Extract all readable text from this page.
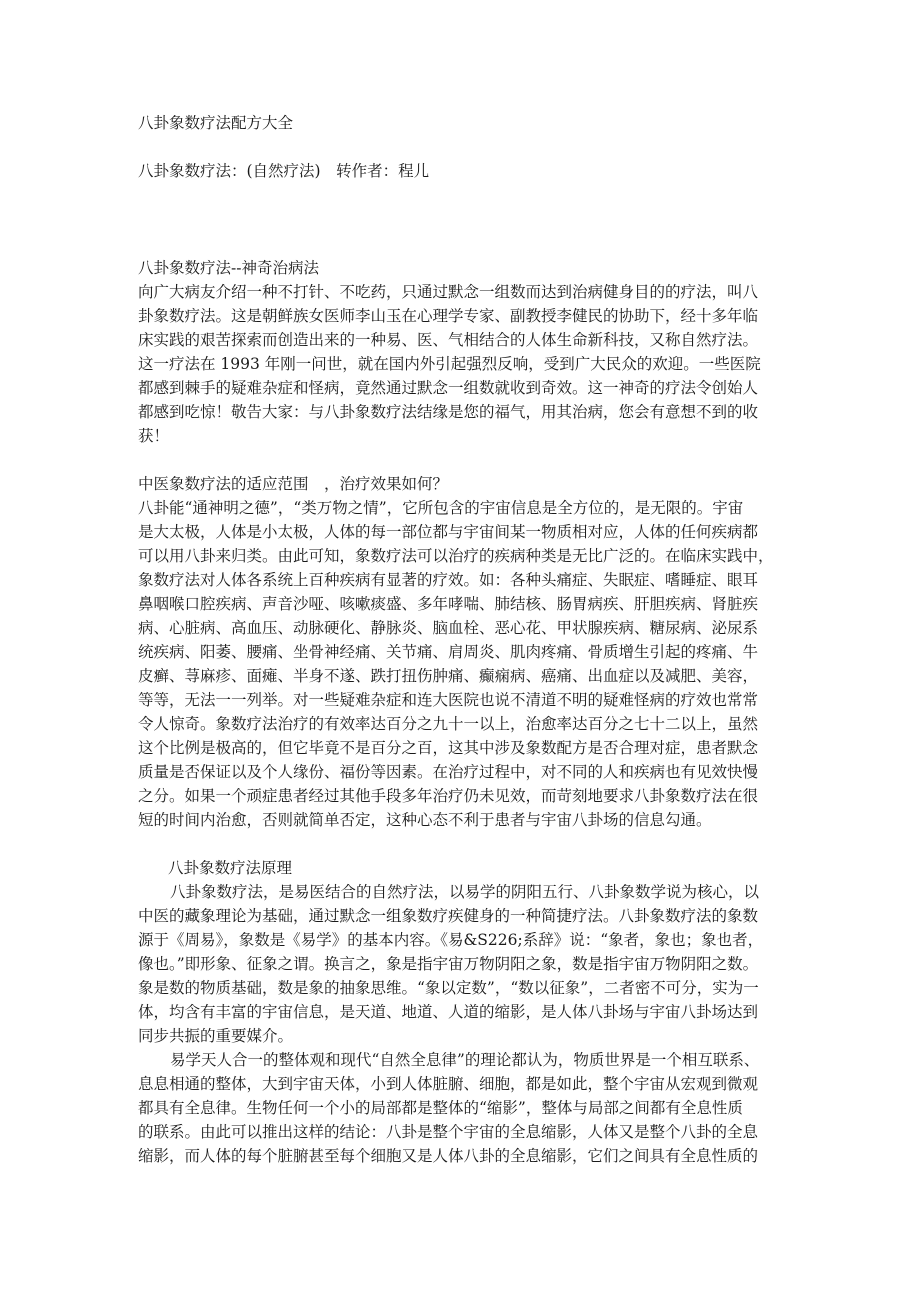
八卦象数疗法配方大全

八卦象数疗法：(自然疗法)　转作者：程儿

八卦象数疗法--神奇治病法

向广大病友介绍一种不打针、不吃药，只通过默念一组数而达到治病健身目的的疗法，叫八

卦象数疗法。这是朝鲜族女医师李山玉在心理学专家、副教授李健民的协助下，经十多年临

床实践的艰苦探索而创造出来的一种易、医、气相结合的人体生命新科技，又称自然疗法。

这一疗法在 1993 年刚一问世，就在国内外引起强烈反响，受到广大民众的欢迎。一些医院

都感到棘手的疑难杂症和怪病，竟然通过默念一组数就收到奇效。这一神奇的疗法令创始人

都感到吃惊！敬告大家：与八卦象数疗法结缘是您的福气，用其治病，您会有意想不到的收

获！

中医象数疗法的适应范围　，治疗效果如何？

八卦能“通神明之德”，“类万物之情”，它所包含的宇宙信息是全方位的，是无限的。宇宙

是大太极，人体是小太极，人体的每一部位都与宇宙间某一物质相对应，人体的任何疾病都

可以用八卦来归类。由此可知，象数疗法可以治疗的疾病种类是无比广泛的。在临床实践中，

象数疗法对人体各系统上百种疾病有显著的疗效。如：各种头痛症、失眠症、嗜睡症、眼耳

鼻咽喉口腔疾病、声音沙哑、咳嗽痰盛、多年哮喘、肺结核、肠胃病疾、肝胆疾病、肾脏疾

病、心脏病、高血压、动脉硬化、静脉炎、脑血栓、恶心花、甲状腺疾病、糖尿病、泌尿系

统疾病、阳萎、腰痛、坐骨神经痛、关节痛、肩周炎、肌肉疼痛、骨质增生引起的疼痛、牛

皮癣、荨麻疹、面瘫、半身不遂、跌打扭伤肿痛、癫痫病、癌痛、出血症以及减肥、美容，

等等，无法一一列举。对一些疑难杂症和连大医院也说不清道不明的疑难怪病的疗效也常常

令人惊奇。象数疗法治疗的有效率达百分之九十一以上，治愈率达百分之七十二以上，虽然

这个比例是极高的，但它毕竟不是百分之百，这其中涉及象数配方是否合理对症，患者默念

质量是否保证以及个人缘份、福份等因素。在治疗过程中，对不同的人和疾病也有见效快慢

之分。如果一个顽症患者经过其他手段多年治疗仍未见效，而苛刻地要求八卦象数疗法在很

短的时间内治愈，否则就简单否定，这种心态不利于患者与宇宙八卦场的信息勾通。

八卦象数疗法原理

八卦象数疗法，是易医结合的自然疗法，以易学的阴阳五行、八卦象数学说为核心，以

中医的藏象理论为基础，通过默念一组象数疗疾健身的一种简捷疗法。八卦象数疗法的象数

源于《周易》，象数是《易学》的基本内容。《易&S226;系辞》说：“象者，象也；象也者，

像也。”即形象、征象之谓。换言之，象是指宇宙万物阴阳之象，数是指宇宙万物阴阳之数。

象是数的物质基础，数是象的抽象思维。“象以定数”，“数以征象”，二者密不可分，实为一

体，均含有丰富的宇宙信息，是天道、地道、人道的缩影，是人体八卦场与宇宙八卦场达到

同步共振的重要媒介。

易学天人合一的整体观和现代“自然全息律”的理论都认为，物质世界是一个相互联系、

息息相通的整体，大到宇宙天体，小到人体脏腑、细胞，都是如此，整个宇宙从宏观到微观

都具有全息律。生物任何一个小的局部都是整体的“缩影”，整体与局部之间都有全息性质

的联系。由此可以推出这样的结论：八卦是整个宇宙的全息缩影，人体又是整个八卦的全息

缩影，而人体的每个脏腑甚至每个细胞又是人体八卦的全息缩影，它们之间具有全息性质的
